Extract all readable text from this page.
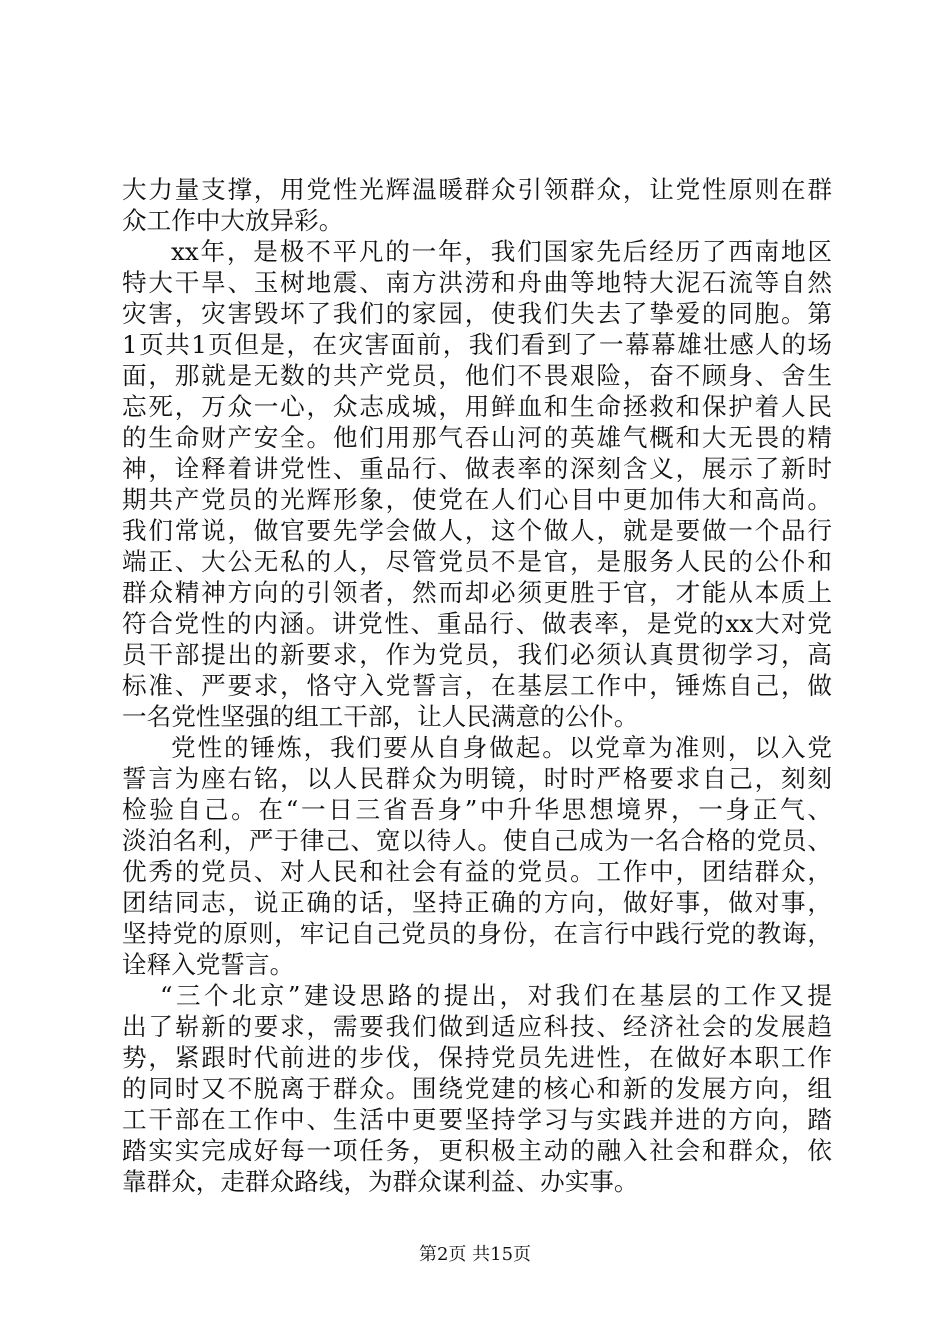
大力量支撑，用党性光辉温暖群众引领群众，让党性原则在群
众工作中大放异彩。
xx年，是极不平凡的一年，我们国家先后经历了西南地区
特大干旱、玉树地震、南方洪涝和舟曲等地特大泥石流等自然
灾害，灾害毁坏了我们的家园，使我们失去了挚爱的同胞。第
1页共1页但是，在灾害面前，我们看到了一幕幕雄壮感人的场
面，那就是无数的共产党员，他们不畏艰险，奋不顾身、舍生
忘死，万众一心，众志成城，用鲜血和生命拯救和保护着人民
的生命财产安全。他们用那气吞山河的英雄气概和大无畏的精
神，诠释着讲党性、重品行、做表率的深刻含义，展示了新时
期共产党员的光辉形象，使党在人们心目中更加伟大和高尚。
我们常说，做官要先学会做人，这个做人，就是要做一个品行
端正、大公无私的人，尽管党员不是官，是服务人民的公仆和
群众精神方向的引领者，然而却必须更胜于官，才能从本质上
符合党性的内涵。讲党性、重品行、做表率，是党的xx大对党
员干部提出的新要求，作为党员，我们必须认真贯彻学习，高
标准、严要求，恪守入党誓言，在基层工作中，锤炼自己，做
一名党性坚强的组工干部，让人民满意的公仆。
党性的锤炼，我们要从自身做起。以党章为准则，以入党
誓言为座右铭，以人民群众为明镜，时时严格要求自己，刻刻
检验自己。在“一日三省吾身”中升华思想境界，一身正气、
淡泊名利，严于律己、宽以待人。使自己成为一名合格的党员、
优秀的党员、对人民和社会有益的党员。工作中，团结群众，
团结同志，说正确的话，坚持正确的方向，做好事，做对事，
坚持党的原则，牢记自己党员的身份，在言行中践行党的教诲，
诠释入党誓言。
“三个北京”建设思路的提出，对我们在基层的工作又提
出了崭新的要求，需要我们做到适应科技、经济社会的发展趋
势，紧跟时代前进的步伐，保持党员先进性，在做好本职工作
的同时又不脱离于群众。围绕党建的核心和新的发展方向，组
工干部在工作中、生活中更要坚持学习与实践并进的方向，踏
踏实实完成好每一项任务，更积极主动的融入社会和群众，依
靠群众，走群众路线，为群众谋利益、办实事。
第2页 共15页
